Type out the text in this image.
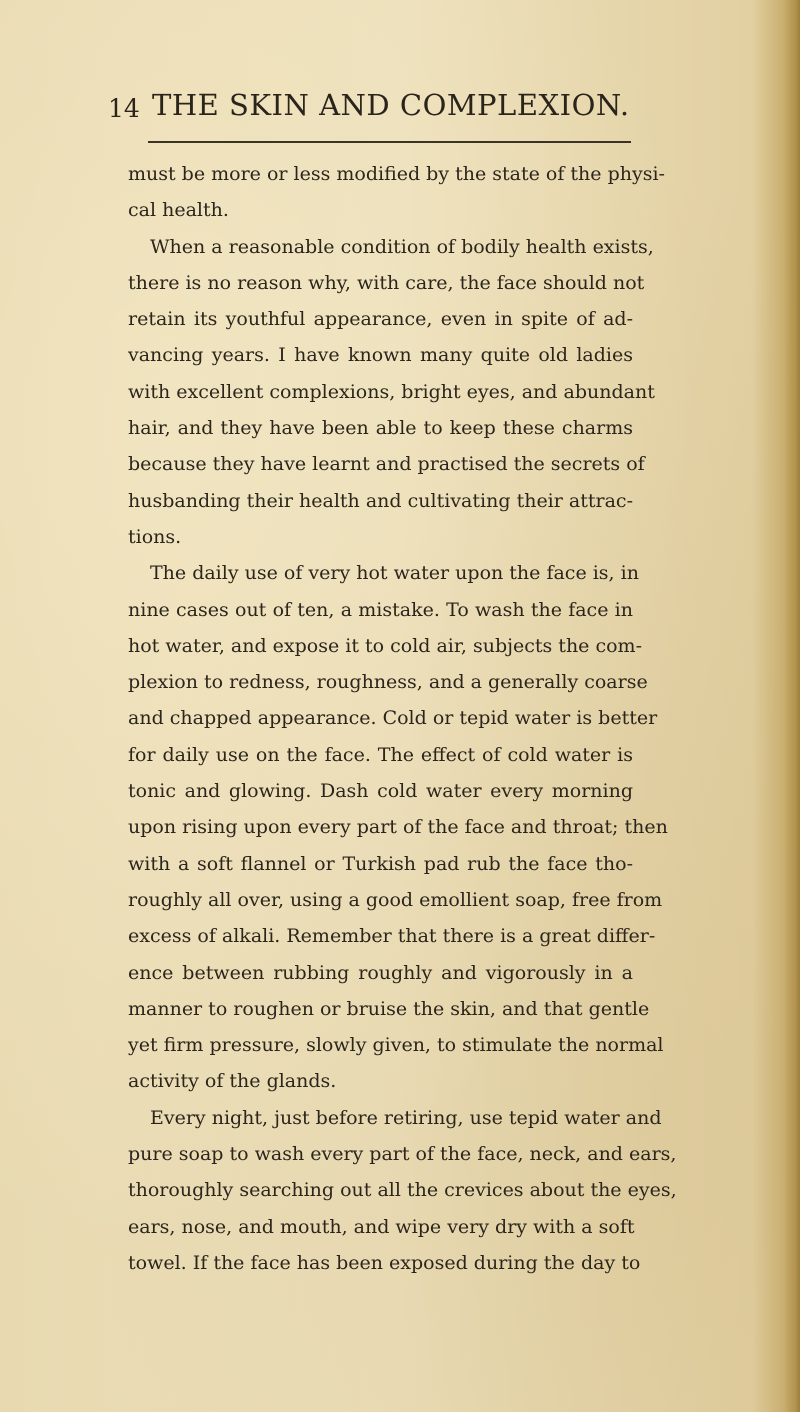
14 THE SKIN AND COMPLEXION.
must be more or less modified by the state of the physi-
cal health.
When a reasonable condition of bodily health exists,
there is no reason why, with care, the face should not
retain its youthful appearance, even in spite of ad-
vancing years. I have known many quite old ladies
with excellent complexions, bright eyes, and abundant
hair, and they have been able to keep these charms
because they have learnt and practised the secrets of
husbanding their health and cultivating their attrac-
tions.
The daily use of very hot water upon the face is, in
nine cases out of ten, a mistake. To wash the face in
hot water, and expose it to cold air, subjects the com-
plexion to redness, roughness, and a generally coarse
and chapped appearance. Cold or tepid water is better
for daily use on the face. The effect of cold water is
tonic and glowing. Dash cold water every morning
upon rising upon every part of the face and throat; then
with a soft flannel or Turkish pad rub the face tho-
roughly all over, using a good emollient soap, free from
excess of alkali. Remember that there is a great differ-
ence between rubbing roughly and vigorously in a
manner to roughen or bruise the skin, and that gentle
yet firm pressure, slowly given, to stimulate the normal
activity of the glands.
Every night, just before retiring, use tepid water and
pure soap to wash every part of the face, neck, and ears,
thoroughly searching out all the crevices about the eyes,
ears, nose, and mouth, and wipe very dry with a soft
towel. If the face has been exposed during the day to
